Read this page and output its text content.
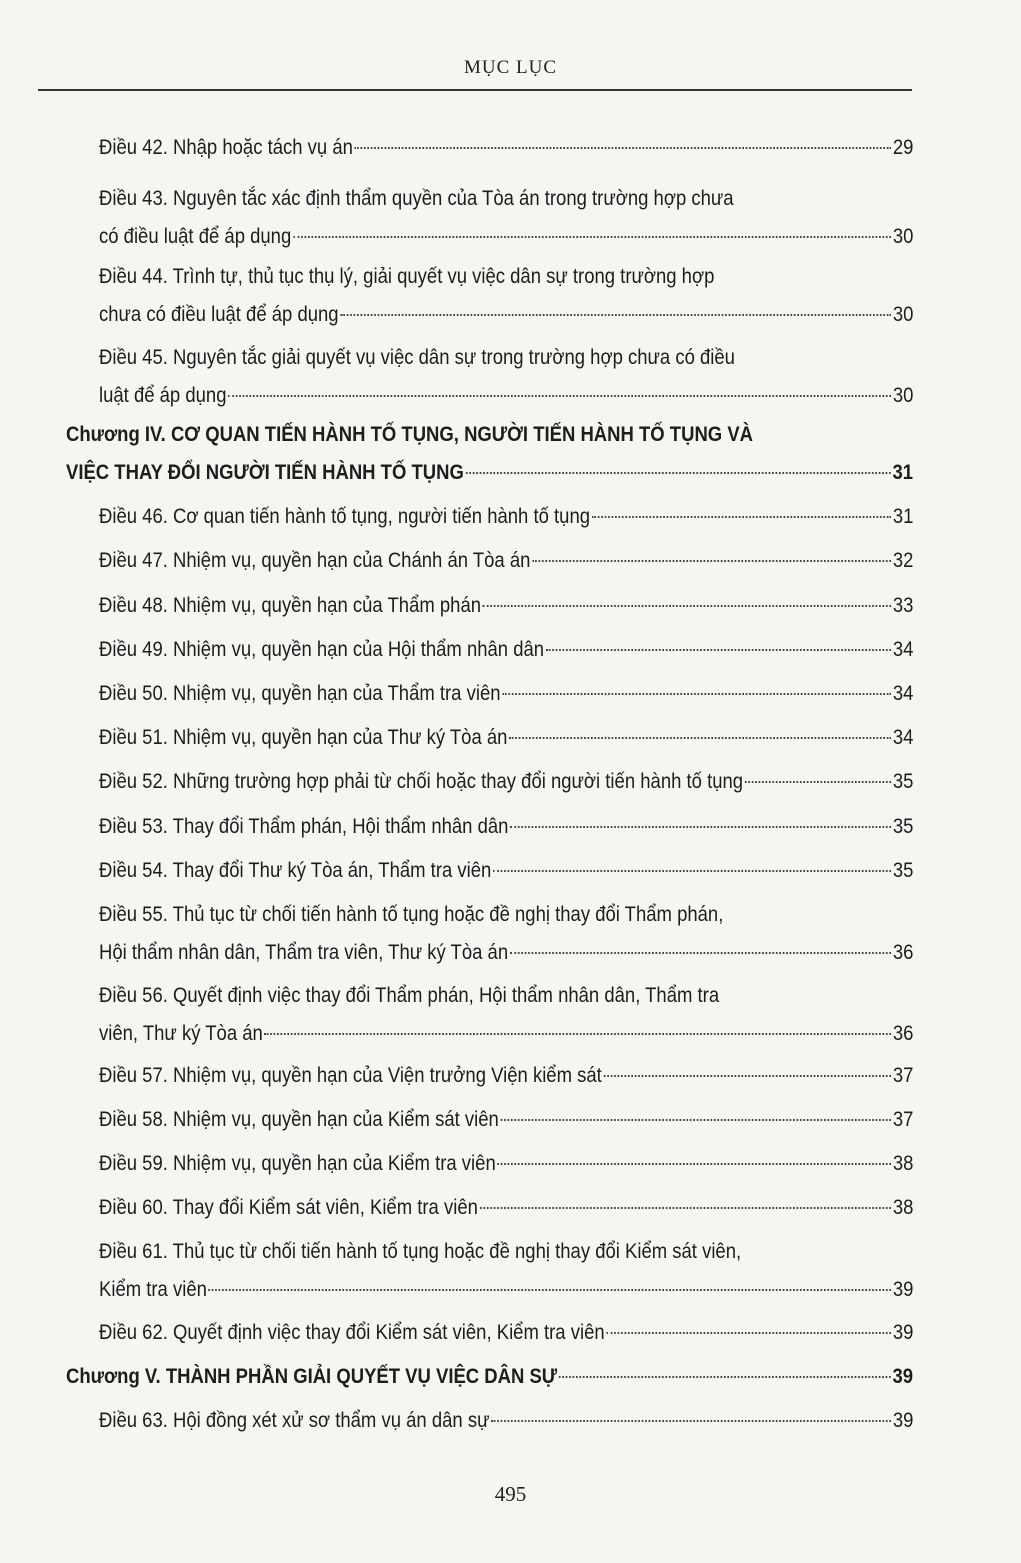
MỤC LỤC
Điều 42. Nhập hoặc tách vụ án	29
Điều 43. Nguyên tắc xác định thẩm quyền của Tòa án trong trường hợp chưa
có điều luật để áp dụng	30
Điều 44. Trình tự, thủ tục thụ lý, giải quyết vụ việc dân sự trong trường hợp
chưa có điều luật để áp dụng	30
Điều 45. Nguyên tắc giải quyết vụ việc dân sự trong trường hợp chưa có điều
luật để áp dụng	30
Chương IV. CƠ QUAN TIẾN HÀNH TỐ TỤNG, NGƯỜI TIẾN HÀNH TỐ TỤNG VÀ
VIỆC THAY ĐỔI NGƯỜI TIẾN HÀNH TỐ TỤNG	31
Điều 46. Cơ quan tiến hành tố tụng, người tiến hành tố tụng	31
Điều 47. Nhiệm vụ, quyền hạn của Chánh án Tòa án	32
Điều 48. Nhiệm vụ, quyền hạn của Thẩm phán	33
Điều 49. Nhiệm vụ, quyền hạn của Hội thẩm nhân dân	34
Điều 50. Nhiệm vụ, quyền hạn của Thẩm tra viên	34
Điều 51. Nhiệm vụ, quyền hạn của Thư ký Tòa án	34
Điều 52. Những trường hợp phải từ chối hoặc thay đổi người tiến hành tố tụng	35
Điều 53. Thay đổi Thẩm phán, Hội thẩm nhân dân	35
Điều 54. Thay đổi Thư ký Tòa án, Thẩm tra viên	35
Điều 55. Thủ tục từ chối tiến hành tố tụng hoặc đề nghị thay đổi Thẩm phán,
Hội thẩm nhân dân, Thẩm tra viên, Thư ký Tòa án	36
Điều 56. Quyết định việc thay đổi Thẩm phán, Hội thẩm nhân dân, Thẩm tra
viên, Thư ký Tòa án	36
Điều 57. Nhiệm vụ, quyền hạn của Viện trưởng Viện kiểm sát	37
Điều 58. Nhiệm vụ, quyền hạn của Kiểm sát viên	37
Điều 59. Nhiệm vụ, quyền hạn của Kiểm tra viên	38
Điều 60. Thay đổi Kiểm sát viên, Kiểm tra viên	38
Điều 61. Thủ tục từ chối tiến hành tố tụng hoặc đề nghị thay đổi Kiểm sát viên,
Kiểm tra viên	39
Điều 62. Quyết định việc thay đổi Kiểm sát viên, Kiểm tra viên	39
Chương V. THÀNH PHẦN GIẢI QUYẾT VỤ VIỆC DÂN SỰ	39
Điều 63. Hội đồng xét xử sơ thẩm vụ án dân sự	39
495
